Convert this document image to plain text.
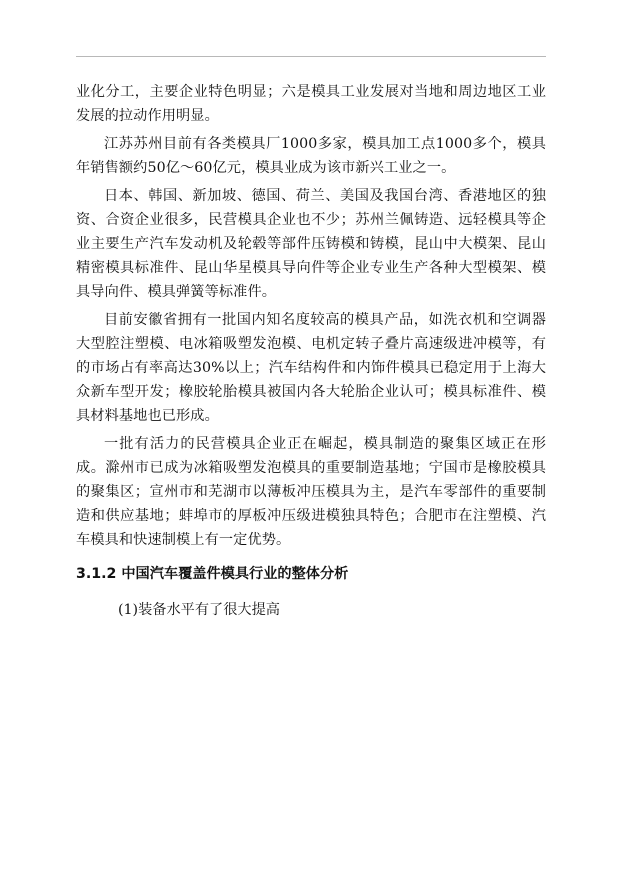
业化分工，主要企业特色明显；六是模具工业发展对当地和周边地区工业发展的拉动作用明显。

江苏苏州目前有各类模具厂1000多家，模具加工点1000多个，模具年销售额约50亿～60亿元，模具业成为该市新兴工业之一。

日本、韩国、新加坡、德国、荷兰、美国及我国台湾、香港地区的独资、合资企业很多，民营模具企业也不少；苏州兰佩铸造、远轻模具等企业主要生产汽车发动机及轮毂等部件压铸模和铸模，昆山中大模架、昆山精密模具标准件、昆山华星模具导向件等企业专业生产各种大型模架、模具导向件、模具弹簧等标准件。

目前安徽省拥有一批国内知名度较高的模具产品，如洗衣机和空调器大型腔注塑模、电冰箱吸塑发泡模、电机定转子叠片高速级进冲模等，有的市场占有率高达30%以上；汽车结构件和内饰件模具已稳定用于上海大众新车型开发；橡胶轮胎模具被国内各大轮胎企业认可；模具标准件、模具材料基地也已形成。

一批有活力的民营模具企业正在崛起，模具制造的聚集区域正在形成。滁州市已成为冰箱吸塑发泡模具的重要制造基地；宁国市是橡胶模具的聚集区；宣州市和芜湖市以薄板冲压模具为主，是汽车零部件的重要制造和供应基地；蚌埠市的厚板冲压级进模独具特色；合肥市在注塑模、汽车模具和快速制模上有一定优势。

3.1.2 中国汽车覆盖件模具行业的整体分析

(1)装备水平有了很大提高
